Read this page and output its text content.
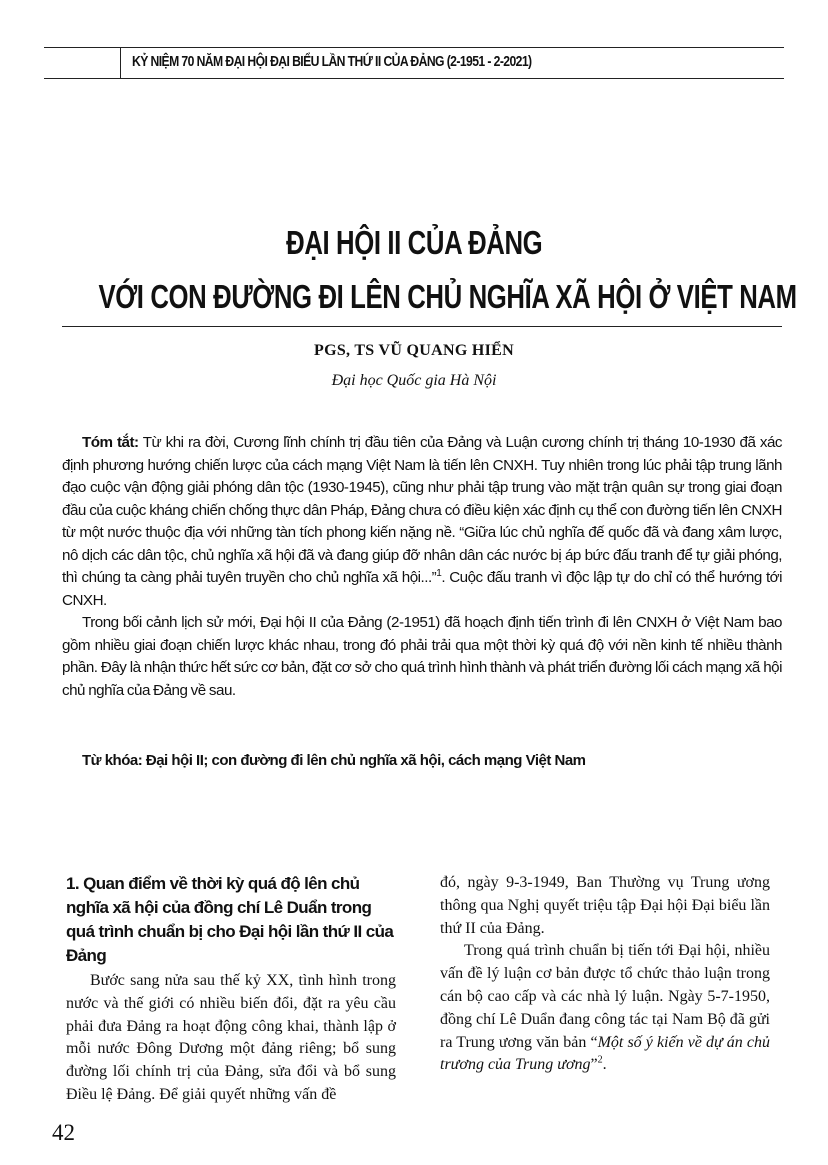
KỶ NIỆM 70 NĂM ĐẠI HỘI ĐẠI BIỂU LẦN THỨ II CỦA ĐẢNG (2-1951 - 2-2021)
ĐẠI HỘI II CỦA ĐẢNG
VỚI CON ĐƯỜNG ĐI LÊN CHỦ NGHĨA XÃ HỘI Ở VIỆT NAM
PGS, TS VŨ QUANG HIỂN
Đại học Quốc gia Hà Nội

Tóm tắt: Từ khi ra đời, Cương lĩnh chính trị đầu tiên của Đảng và Luận cương chính trị tháng 10-1930 đã xác định phương hướng chiến lược của cách mạng Việt Nam là tiến lên CNXH. Tuy nhiên trong lúc phải tập trung lãnh đạo cuộc vận động giải phóng dân tộc (1930-1945), cũng như phải tập trung vào mặt trận quân sự trong giai đoạn đầu của cuộc kháng chiến chống thực dân Pháp, Đảng chưa có điều kiện xác định cụ thể con đường tiến lên CNXH từ một nước thuộc địa với những tàn tích phong kiến nặng nề. “Giữa lúc chủ nghĩa đế quốc đã và đang xâm lược, nô dịch các dân tộc, chủ nghĩa xã hội đã và đang giúp đỡ nhân dân các nước bị áp bức đấu tranh để tự giải phóng, thì chúng ta càng phải tuyên truyền cho chủ nghĩa xã hội...”$^1$. Cuộc đấu tranh vì độc lập tự do chỉ có thể hướng tới CNXH.

Trong bối cảnh lịch sử mới, Đại hội II của Đảng (2-1951) đã hoạch định tiến trình đi lên CNXH ở Việt Nam bao gồm nhiều giai đoạn chiến lược khác nhau, trong đó phải trải qua một thời kỳ quá độ với nền kinh tế nhiều thành phần. Đây là nhận thức hết sức cơ bản, đặt cơ sở cho quá trình hình thành và phát triển đường lối cách mạng xã hội chủ nghĩa của Đảng về sau.

Từ khóa: Đại hội II; con đường đi lên chủ nghĩa xã hội, cách mạng Việt Nam
1. Quan điểm về thời kỳ quá độ lên chủ nghĩa xã hội của đồng chí Lê Duẩn trong quá trình chuẩn bị cho Đại hội lần thứ II của Đảng

Bước sang nửa sau thế kỷ XX, tình hình trong nước và thế giới có nhiều biến đổi, đặt ra yêu cầu phải đưa Đảng ra hoạt động công khai, thành lập ở mỗi nước Đông Dương một đảng riêng; bổ sung đường lối chính trị của Đảng, sửa đổi và bổ sung Điều lệ Đảng. Để giải quyết những vấn đề

đó, ngày 9-3-1949, Ban Thường vụ Trung ương thông qua Nghị quyết triệu tập Đại hội Đại biểu lần thứ II của Đảng.

Trong quá trình chuẩn bị tiến tới Đại hội, nhiều vấn đề lý luận cơ bản được tổ chức thảo luận trong cán bộ cao cấp và các nhà lý luận. Ngày 5-7-1950, đồng chí Lê Duẩn đang công tác tại Nam Bộ đã gửi ra Trung ương văn bản “Một số ý kiến về dự án chủ trương của Trung ương”$^2$.

42
